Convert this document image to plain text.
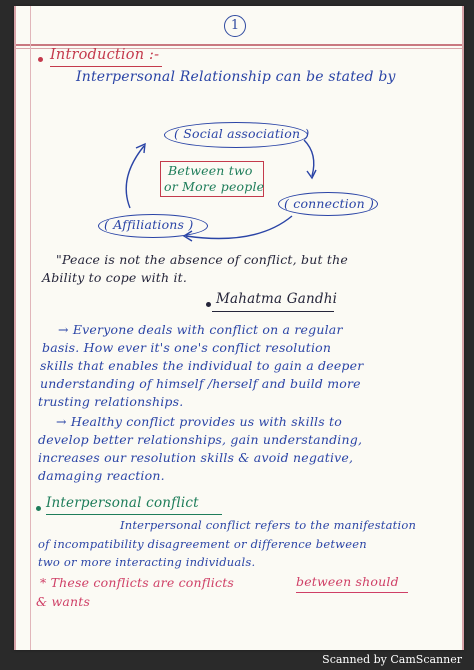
1
Introduction :-
Interpersonal Relationship can be stated by
( Social association )
Between two
or More people
( connection )
( Affiliations )
"Peace is not the absence of conflict, but the
Ability to cope with it.
Mahatma Gandhi
→ Everyone deals with conflict on a regular
basis. How ever it's one's conflict resolution
skills that enables the individual to gain a deeper
understanding of himself /herself and build more
trusting relationships.
→ Healthy conflict provides us with skills to
develop better relationships, gain understanding,
increases our resolution skills & avoid negative,
damaging reaction.
Interpersonal conflict
Interpersonal conflict refers to the manifestation
of incompatibility disagreement or difference between
two or more interacting individuals.
* These conflicts are conflicts	between should
& wants
Scanned by CamScanner
